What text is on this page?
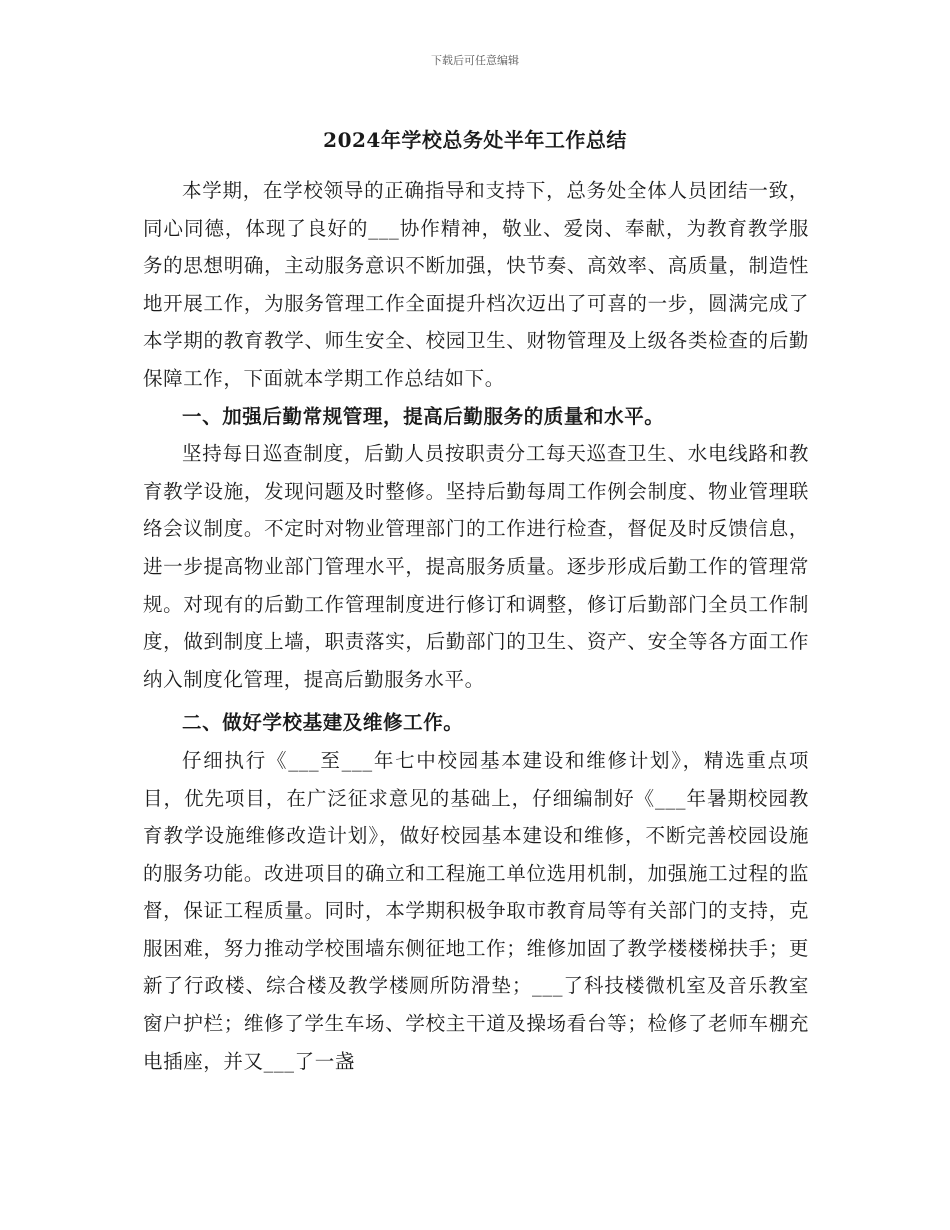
下载后可任意编辑
2024年学校总务处半年工作总结

本学期，在学校领导的正确指导和支持下，总务处全体人员团结一致，同心同德，体现了良好的___协作精神，敬业、爱岗、奉献，为教育教学服务的思想明确，主动服务意识不断加强，快节奏、高效率、高质量，制造性地开展工作，为服务管理工作全面提升档次迈出了可喜的一步，圆满完成了本学期的教育教学、师生安全、校园卫生、财物管理及上级各类检查的后勤保障工作，下面就本学期工作总结如下。

一、加强后勤常规管理，提高后勤服务的质量和水平。

坚持每日巡查制度，后勤人员按职责分工每天巡查卫生、水电线路和教育教学设施，发现问题及时整修。坚持后勤每周工作例会制度、物业管理联络会议制度。不定时对物业管理部门的工作进行检查，督促及时反馈信息，进一步提高物业部门管理水平，提高服务质量。逐步形成后勤工作的管理常规。对现有的后勤工作管理制度进行修订和调整，修订后勤部门全员工作制度，做到制度上墙，职责落实，后勤部门的卫生、资产、安全等各方面工作纳入制度化管理，提高后勤服务水平。

二、做好学校基建及维修工作。

仔细执行《___至___年七中校园基本建设和维修计划》，精选重点项目，优先项目，在广泛征求意见的基础上，仔细编制好《___年暑期校园教育教学设施维修改造计划》，做好校园基本建设和维修，不断完善校园设施的服务功能。改进项目的确立和工程施工单位选用机制，加强施工过程的监督，保证工程质量。同时，本学期积极争取市教育局等有关部门的支持，克服困难，努力推动学校围墙东侧征地工作；维修加固了教学楼楼梯扶手；更新了行政楼、综合楼及教学楼厕所防滑垫；___了科技楼微机室及音乐教室窗户护栏；维修了学生车场、学校主干道及操场看台等；检修了老师车棚充电插座，并又___了一盏
